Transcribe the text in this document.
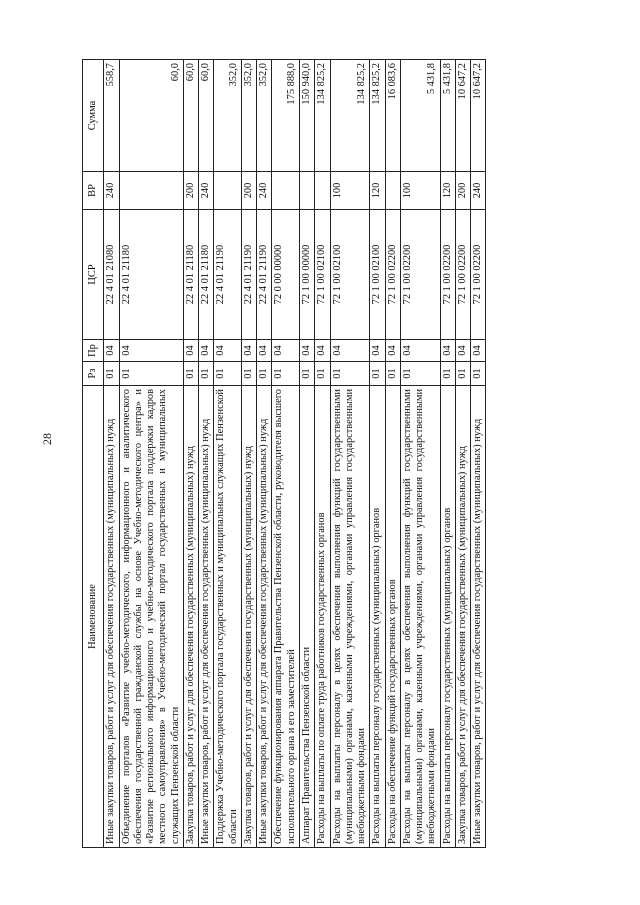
28
Наименование	Рз	Пр	ЦСР	ВР	Сумма
Иные закупки товаров, работ и услуг для обеспечения государственных (муниципальных) нужд	01	04	22 4 01 21080	240	558,7
Объединение порталов «Развитие учебно-методического, информационного и аналитического обеспечения государственной гражданской службы на основе Учебно-методического центра» и «Развитие регионального информационного и учебно-методического портала поддержки кадров местного самоуправления» в Учебно-методический портал государственных и муниципальных служащих Пензенской области	01	04	22 4 01 21180		60,0
Закупка товаров, работ и услуг для обеспечения государственных (муниципальных) нужд	01	04	22 4 01 21180	200	60,0
Иные закупки товаров, работ и услуг для обеспечения государственных (муниципальных) нужд	01	04	22 4 01 21180	240	60,0
Поддержка Учебно-методического портала государственных и муниципальных служащих Пензенской области	01	04	22 4 01 21190		352,0
Закупка товаров, работ и услуг для обеспечения государственных (муниципальных) нужд	01	04	22 4 01 21190	200	352,0
Иные закупки товаров, работ и услуг для обеспечения государственных (муниципальных) нужд	01	04	22 4 01 21190	240	352,0
Обеспечение функционирования аппарата Правительства Пензенской области, руководителя высшего исполнительного органа и его заместителей	01	04	72 0 00 00000		175 888,0
Аппарат Правительства Пензенской области	01	04	72 1 00 00000		150 940,0
Расходы на выплаты по оплате труда работников государственных органов	01	04	72 1 00 02100		134 825,2
Расходы на выплаты персоналу в целях обеспечения выполнения функций государственными (муниципальными) органами, казенными учреждениями, органами управления государственными внебюджетными фондами	01	04	72 1 00 02100	100	134 825,2
Расходы на выплаты персоналу государственных (муниципальных) органов	01	04	72 1 00 02100	120	134 825,2
Расходы на обеспечение функций государственных органов	01	04	72 1 00 02200		16 083,6
Расходы на выплаты персоналу в целях обеспечения выполнения функций государственными (муниципальными) органами, казенными учреждениями, органами управления государственными внебюджетными фондами	01	04	72 1 00 02200	100	5 431,8
Расходы на выплаты персоналу государственных (муниципальных) органов	01	04	72 1 00 02200	120	5 431,8
Закупка товаров, работ и услуг для обеспечения государственных (муниципальных) нужд	01	04	72 1 00 02200	200	10 647,2
Иные закупки товаров, работ и услуг для обеспечения государственных (муниципальных) нужд	01	04	72 1 00 02200	240	10 647,2
